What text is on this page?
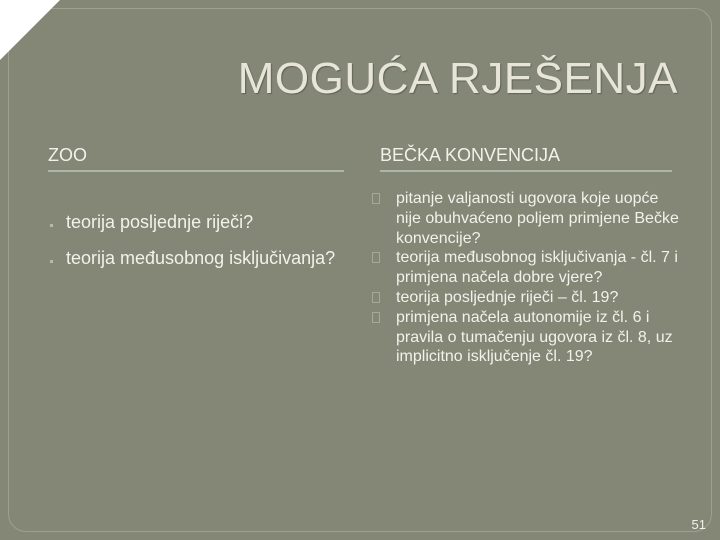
MOGUĆA RJEŠENJA
ZOO	BEČKA KONVENCIJA
teorija posljednje riječi?
teorija međusobnog isključivanja?
pitanje valjanosti ugovora koje uopće nije obuhvaćeno poljem primjene Bečke konvencije?
teorija međusobnog isključivanja - čl. 7 i primjena načela dobre vjere?
teorija posljednje riječi – čl. 19?
primjena načela autonomije iz čl. 6 i pravila o tumačenju ugovora iz čl. 8, uz implicitno isključenje čl. 19?
51
